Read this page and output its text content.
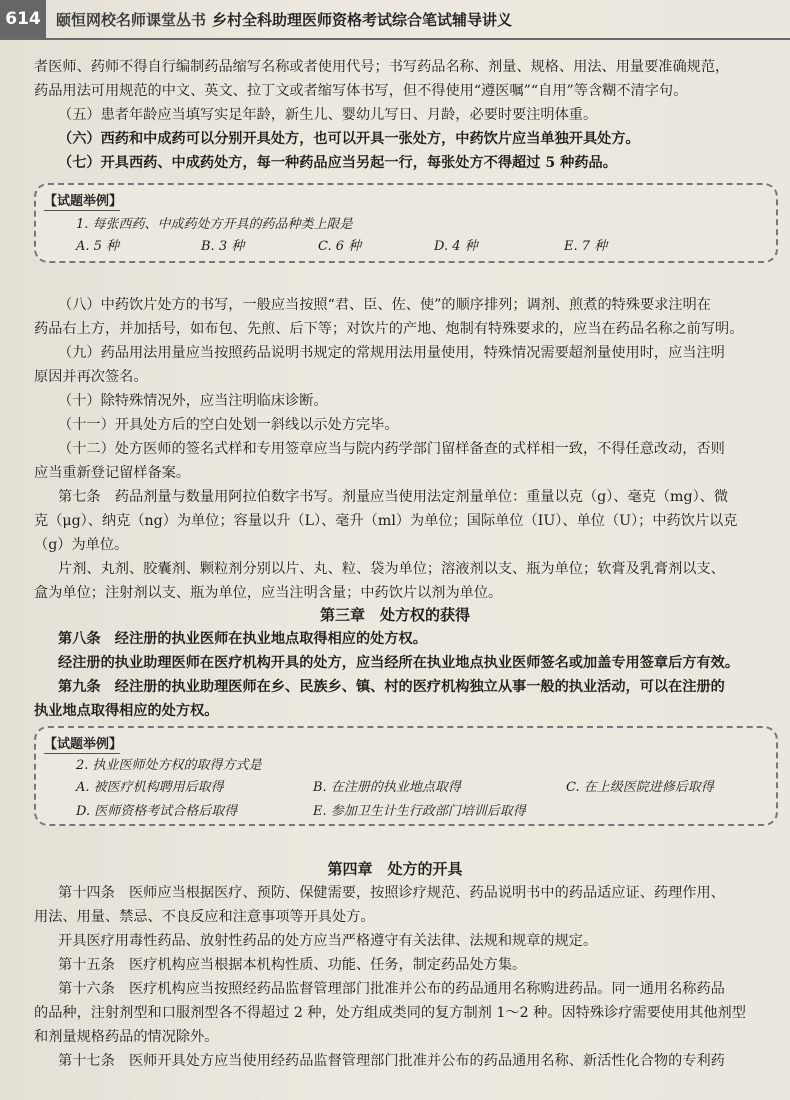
614	颐恒网校名师课堂丛书 乡村全科助理医师资格考试综合笔试辅导讲义
者医师、药师不得自行编制药品缩写名称或者使用代号；书写药品名称、剂量、规格、用法、用量要准确规范，
药品用法可用规范的中文、英文、拉丁文或者缩写体书写，但不得使用“遵医嘱”“自用”等含糊不清字句。
（五）患者年龄应当填写实足年龄，新生儿、婴幼儿写日、月龄，必要时要注明体重。
（六）西药和中成药可以分别开具处方，也可以开具一张处方，中药饮片应当单独开具处方。
（七）开具西药、中成药处方，每一种药品应当另起一行，每张处方不得超过 5 种药品。
【试题举例】
1. 每张西药、中成药处方开具的药品种类上限是
A. 5 种	B. 3 种	C. 6 种	D. 4 种	E. 7 种
（八）中药饮片处方的书写，一般应当按照“君、臣、佐、使”的顺序排列；调剂、煎煮的特殊要求注明在
药品右上方，并加括号，如布包、先煎、后下等；对饮片的产地、炮制有特殊要求的，应当在药品名称之前写明。
（九）药品用法用量应当按照药品说明书规定的常规用法用量使用，特殊情况需要超剂量使用时，应当注明
原因并再次签名。
（十）除特殊情况外，应当注明临床诊断。
（十一）开具处方后的空白处划一斜线以示处方完毕。
（十二）处方医师的签名式样和专用签章应当与院内药学部门留样备查的式样相一致，不得任意改动，否则
应当重新登记留样备案。
第七条　药品剂量与数量用阿拉伯数字书写。剂量应当使用法定剂量单位：重量以克（g）、毫克（mg）、微
克（μg）、纳克（ng）为单位；容量以升（L）、毫升（ml）为单位；国际单位（IU）、单位（U）；中药饮片以克
（g）为单位。
片剂、丸剂、胶囊剂、颗粒剂分别以片、丸、粒、袋为单位；溶液剂以支、瓶为单位；软膏及乳膏剂以支、
盒为单位；注射剂以支、瓶为单位，应当注明含量；中药饮片以剂为单位。
第三章　处方权的获得
第八条　经注册的执业医师在执业地点取得相应的处方权。
经注册的执业助理医师在医疗机构开具的处方，应当经所在执业地点执业医师签名或加盖专用签章后方有效。
第九条　经注册的执业助理医师在乡、民族乡、镇、村的医疗机构独立从事一般的执业活动，可以在注册的
执业地点取得相应的处方权。
【试题举例】
2. 执业医师处方权的取得方式是
A. 被医疗机构聘用后取得	B. 在注册的执业地点取得	C. 在上级医院进修后取得
D. 医师资格考试合格后取得	E. 参加卫生计生行政部门培训后取得
第四章　处方的开具
第十四条　医师应当根据医疗、预防、保健需要，按照诊疗规范、药品说明书中的药品适应证、药理作用、
用法、用量、禁忌、不良反应和注意事项等开具处方。
开具医疗用毒性药品、放射性药品的处方应当严格遵守有关法律、法规和规章的规定。
第十五条　医疗机构应当根据本机构性质、功能、任务，制定药品处方集。
第十六条　医疗机构应当按照经药品监督管理部门批准并公布的药品通用名称购进药品。同一通用名称药品
的品种，注射剂型和口服剂型各不得超过 2 种，处方组成类同的复方制剂 1～2 种。因特殊诊疗需要使用其他剂型
和剂量规格药品的情况除外。
第十七条　医师开具处方应当使用经药品监督管理部门批准并公布的药品通用名称、新活性化合物的专利药
